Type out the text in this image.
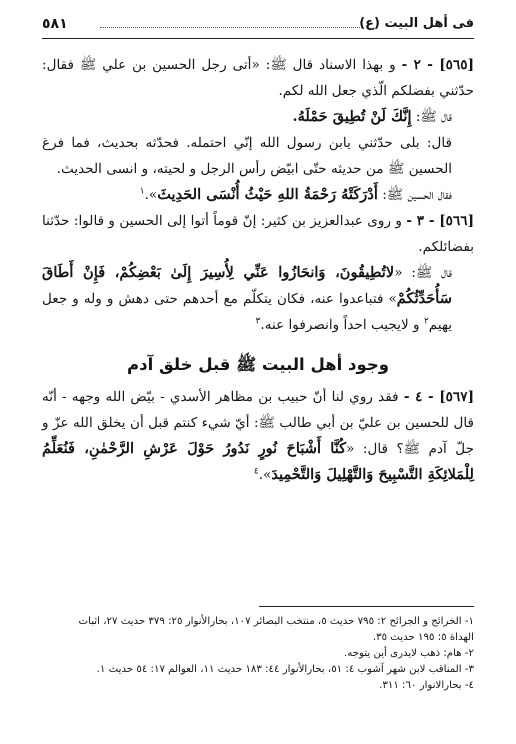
فى أهل البيت (ع)
٥٨١

[٥٦٥] - ٢ - و بهذا الاسناد قال ﷺ: «أتى رجل الحسين بن علي ﷺ فقال: حدّثني بفضلكم الّذي جعل الله لكم.

قال ﷺ: إِنَّكَ لَنْ تُطِيقَ حَمْلَهُ.

قال: بلى حدّثني يابن رسول الله إنّي احتمله. فحدّثه بحديث، فما فرغ الحسين ﷺ من حديثه حتّى ابيّض رأس الرجل و لحيته، و انسى الحديث.

فقال الحسين ﷺ: أَدْرَكَتْهُ رَحْمَةُ اللهِ حَيْثُ أُنْسَى الحَدِيثَ».$^١$

[٥٦٦] - ٣ - و روى عبدالعزيز بن كثير: إنّ قوماً أتوا إلى الحسين و قالوا: حدّثنا بفضائلكم.

قال ﷺ: «لاتُطِيقُونَ، وَانحَازُوا عَنِّي لِأُسِيرَ إِلَىٰ بَعْضِكُمْ، فَإِنْ أَطَاقَ سَأُحَدِّثُكُمْ» فتباعدوا عنه، فكان يتكلّم مع أحدهم حتى دهش و وله و جعل يهيم$^٢$ و لايجيب احداً وانصرفوا عنه.$^٣$

وجود أهل البيت ﷺ قبل خلق آدم

[٥٦٧] - ٤ - فقد روي لنا أنّ حبيب بن مظاهر الأسدي - بيّض الله وجهه - أنّه قال للحسين بن عليّ بن أبي طالب ﷺ: أيّ شيء كنتم قبل أن يخلق الله عزّ و جلّ آدم ﷺ؟ قال: «كُنَّا أَشْبَاحَ نُورٍ نَدُورُ حَوْلَ عَرْشِ الرَّحْمٰنِ، فَنُعَلِّمُ لِلْمَلائِكَةِ التَّسْبِيحَ وَالتَّهْلِيلَ وَالتَّحْمِيدَ».$^٤$

١- الخرائج و الجرائح ٢: ٧٩٥ حديث ٥، منتخب البصائر ١٠٧، بحارالأنوار ٢٥: ٣٧٩ حديث ٢٧، اثبات

الهداة ٥: ١٩٥ حديث ٣٥.

٢- هام: ذهب لايدرى أين يتوجه.

٣- المناقب لابن شهر آشوب ٤: ٥١، بحارالأنوار ٤٤: ١٨٣ حديث ١١، العوالم ١٧: ٥٤ حديث ١.

٤- بحارالانوار ٦٠: ٣١١.
